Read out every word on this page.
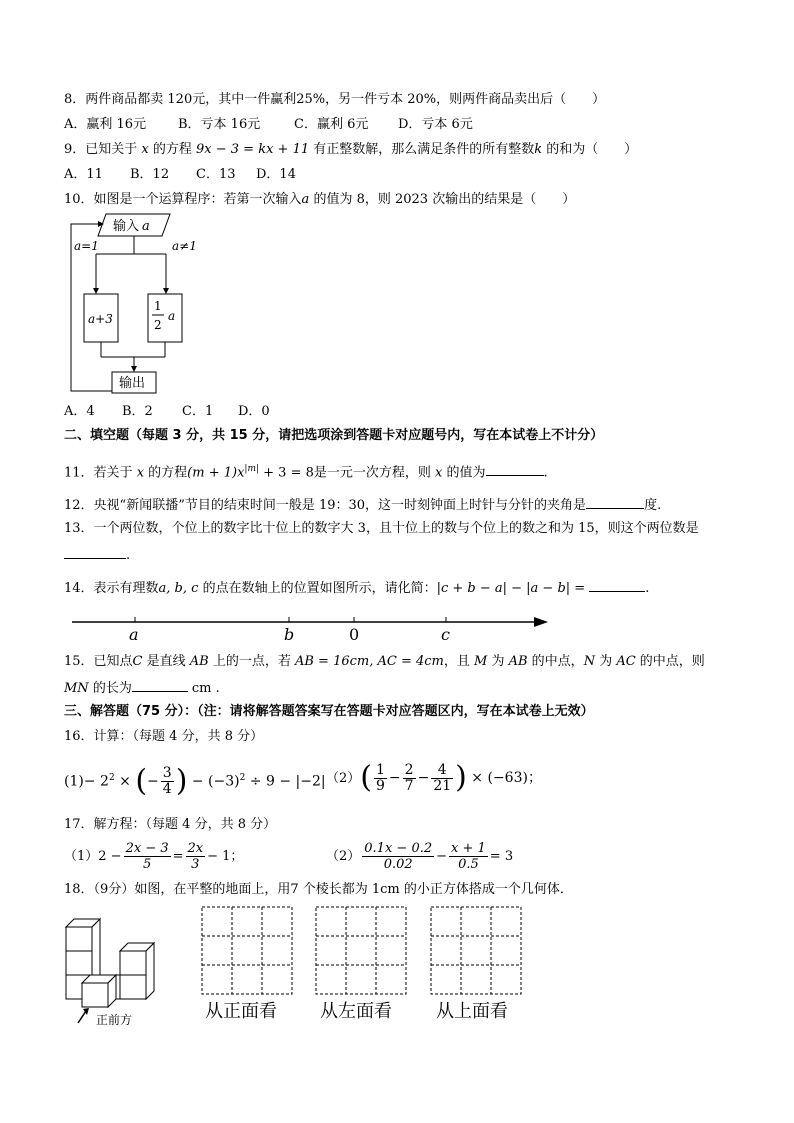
8．两件商品都卖 120元，其中一件赢利25%，另一件亏本 20%，则两件商品卖出后（　　）
A．赢利 16元 B．亏本 16元	C．赢利 6元 D．亏本 6元
9．已知关于 x 的方程 9x − 3 = kx + 11 有正整数解，那么满足条件的所有整数k 的和为（　　）
A．11 B．12 C．13 D．14
10．如图是一个运算程序：若第一次输入a 的值为 8，则 2023 次输出的结果是（　　）
输入 a
a=1	a≠1
a+3
1
2
a
输出
A．4 B．2 C．1 D．0
二、填空题（每题 3 分，共 15 分，请把选项涂到答题卡对应题号内，写在本试卷上不计分）
11．若关于 x 的方程$(m + 1)x^{|m|} + 3 = 8$是一元一次方程，则 x 的值为	.
12．央视“新闻联播”节目的结束时间一般是 19：30，这一时刻钟面上时针与分针的夹角是	度.
13．一个两位数，个位上的数字比十位上的数字大 3，且十位上的数与个位上的数之和为 15，则这个两位数是
.
14．表示有理数a, b, c 的点在数轴上的位置如图所示，请化简：|c + b − a| − |a − b| =	.
a	b	0	c
15．已知点C 是直线 AB 上的一点，若 AB = 16cm, AC = 4cm，且 M 为 AB 的中点，N 为 AC 的中点，则
MN 的长为	cm .
三、解答题（75 分）：（注：请将解答题答案写在答题卡对应答题区内，写在本试卷上无效）
16．计算：（每题 4 分，共 8 分）
$(1)- 2^2$ × (− $\frac{3}{4}$ ) − $(-3)^2 \div 9 - |-2|$ $(2)( \frac{1}{9} - \frac{2}{7} - \frac{4}{21}$ ) × (−63)；
17．解方程：（每题 4 分，共 8 分）
$(1)2 - \frac{2x - 3}{5} = \frac{2x}{3} - 1$；	$(2) \frac{0.1x - 0.2}{0.02} - \frac{x + 1}{0.5} = 3$
18．（9分）如图，在平整的地面上，用7 个棱长都为 1cm 的小正方体搭成一个几何体．
正前方	从正面看 从左面看 从上面看
